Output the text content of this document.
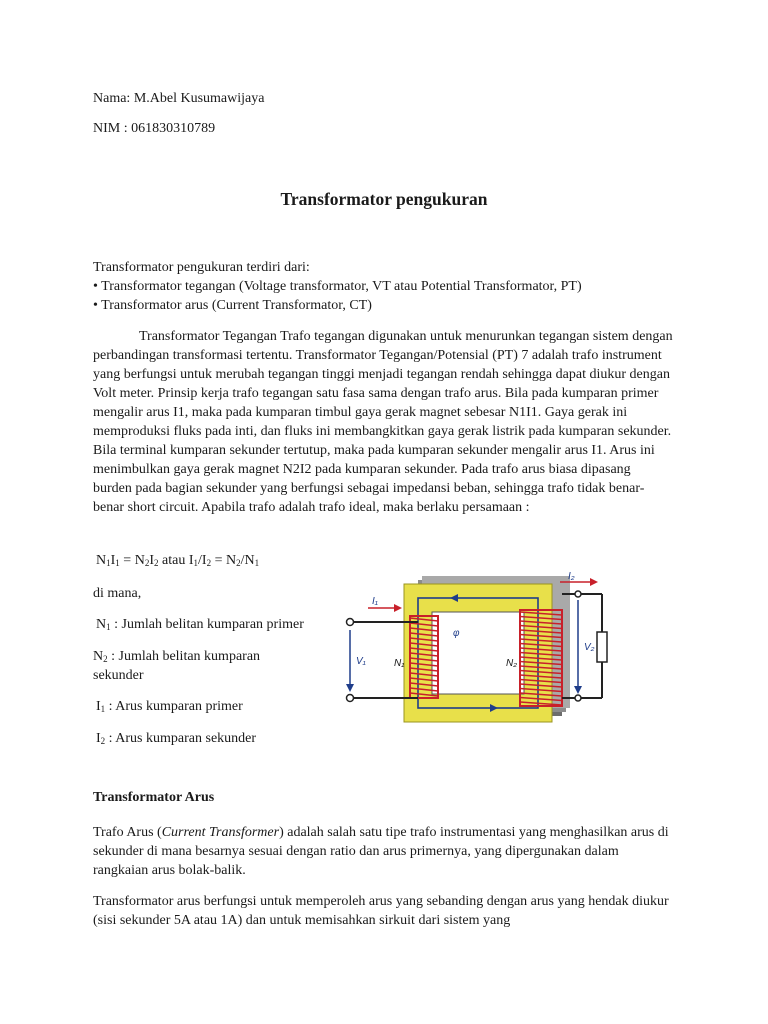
Nama: M.Abel Kusumawijaya
NIM : 061830310789
Transformator pengukuran
Transformator pengukuran terdiri dari:
• Transformator tegangan (Voltage transformator, VT atau Potential Transformator, PT)
• Transformator arus (Current Transformator, CT)

Transformator Tegangan Trafo tegangan digunakan untuk menurunkan tegangan sistem dengan perbandingan transformasi tertentu. Transformator Tegangan/Potensial (PT) 7 adalah trafo instrument yang berfungsi untuk merubah tegangan tinggi menjadi tegangan rendah sehingga dapat diukur dengan Volt meter. Prinsip kerja trafo tegangan satu fasa sama dengan trafo arus. Bila pada kumparan primer mengalir arus I1, maka pada kumparan timbul gaya gerak magnet sebesar N1I1. Gaya gerak ini memproduksi fluks pada inti, dan fluks ini membangkitkan gaya gerak listrik pada kumparan sekunder. Bila terminal kumparan sekunder tertutup, maka pada kumparan sekunder mengalir arus I1. Arus ini menimbulkan gaya gerak magnet N2I2 pada kumparan sekunder. Pada trafo arus biasa dipasang burden pada bagian sekunder yang berfungsi sebagai impedansi beban, sehingga trafo tidak benar-benar short circuit. Apabila trafo adalah trafo ideal, maka berlaku persamaan :

$N_1I_1 = N_2I_2$ atau $I_1/I_2 = N_2/N_1$
di mana,
$N_1$ : Jumlah belitan kumparan primer
$N_2$ : Jumlah belitan kumparan
sekunder
$I_1$ : Arus kumparan primer
$I_2$ : Arus kumparan sekunder
I₁
I₂
V₁
V₂
N₁	N₂
φ
Transformator Arus

Trafo Arus (Current Transformer) adalah salah satu tipe trafo instrumentasi yang menghasilkan arus di sekunder di mana besarnya sesuai dengan ratio dan arus primernya, yang dipergunakan dalam rangkaian arus bolak-balik.

Transformator arus berfungsi untuk memperoleh arus yang sebanding dengan arus yang hendak diukur (sisi sekunder 5A atau 1A) dan untuk memisahkan sirkuit dari sistem yang
